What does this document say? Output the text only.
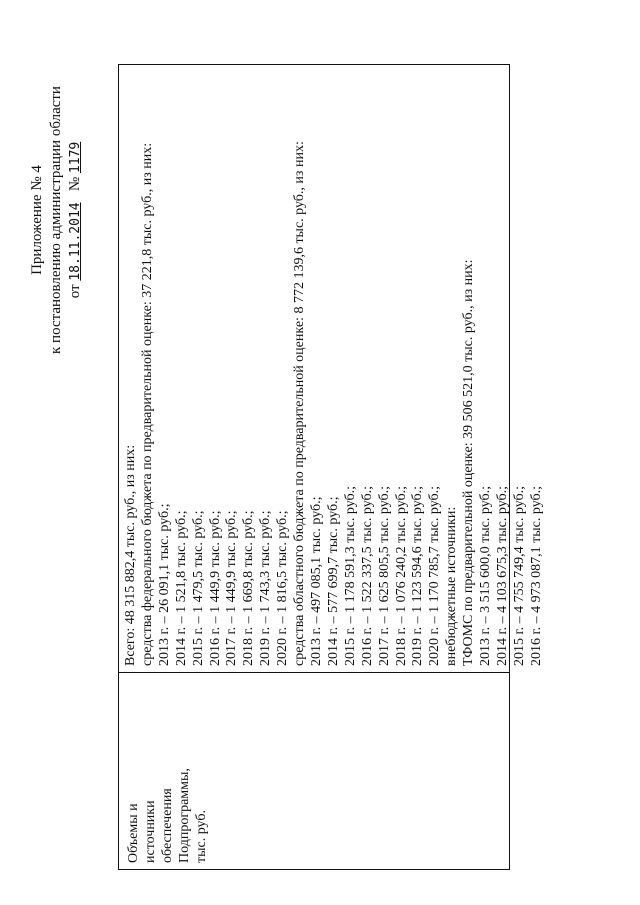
Приложение № 4 к постановлению администрации области от 18.11.2014   № 1179
Объемы и источники обеспечения Подпрограммы, тыс. руб.
Всего: 48 315 882,4 тыс. руб., из них: средства федерального бюджета по предварительной оценке: 37 221,8 тыс. руб., из них: 2013 г. – 26 091,1 тыс. руб.; 2014 г. – 1 521,8 тыс. руб.; 2015 г. – 1 479,5 тыс. руб.; 2016 г. – 1 449,9 тыс. руб.; 2017 г. – 1 449,9 тыс. руб.; 2018 г. – 1 669,8 тыс. руб.; 2019 г. – 1 743,3 тыс. руб.; 2020 г. – 1 816,5 тыс. руб.; средства областного бюджета по предварительной оценке: 8 772 139,6 тыс. руб., из них: 2013 г. – 497 085,1 тыс. руб.; 2014 г. – 577 699,7 тыс. руб.; 2015 г. – 1 178 591,3 тыс. руб.; 2016 г. – 1 522 337,5 тыс. руб.; 2017 г. – 1 625 805,5 тыс. руб.; 2018 г. – 1 076 240,2 тыс. руб.; 2019 г. – 1 123 594,6 тыс. руб.; 2020 г. – 1 170 785,7 тыс. руб.; внебюджетные источники: ТФОМС по предварительной оценке: 39 506 521,0 тыс. руб., из них: 2013 г. – 3 515 600,0 тыс. руб.; 2014 г. – 4 103 675,3 тыс. руб.; 2015 г. – 4 755 749,4 тыс. руб.; 2016 г. – 4 973 087,1 тыс. руб.;
